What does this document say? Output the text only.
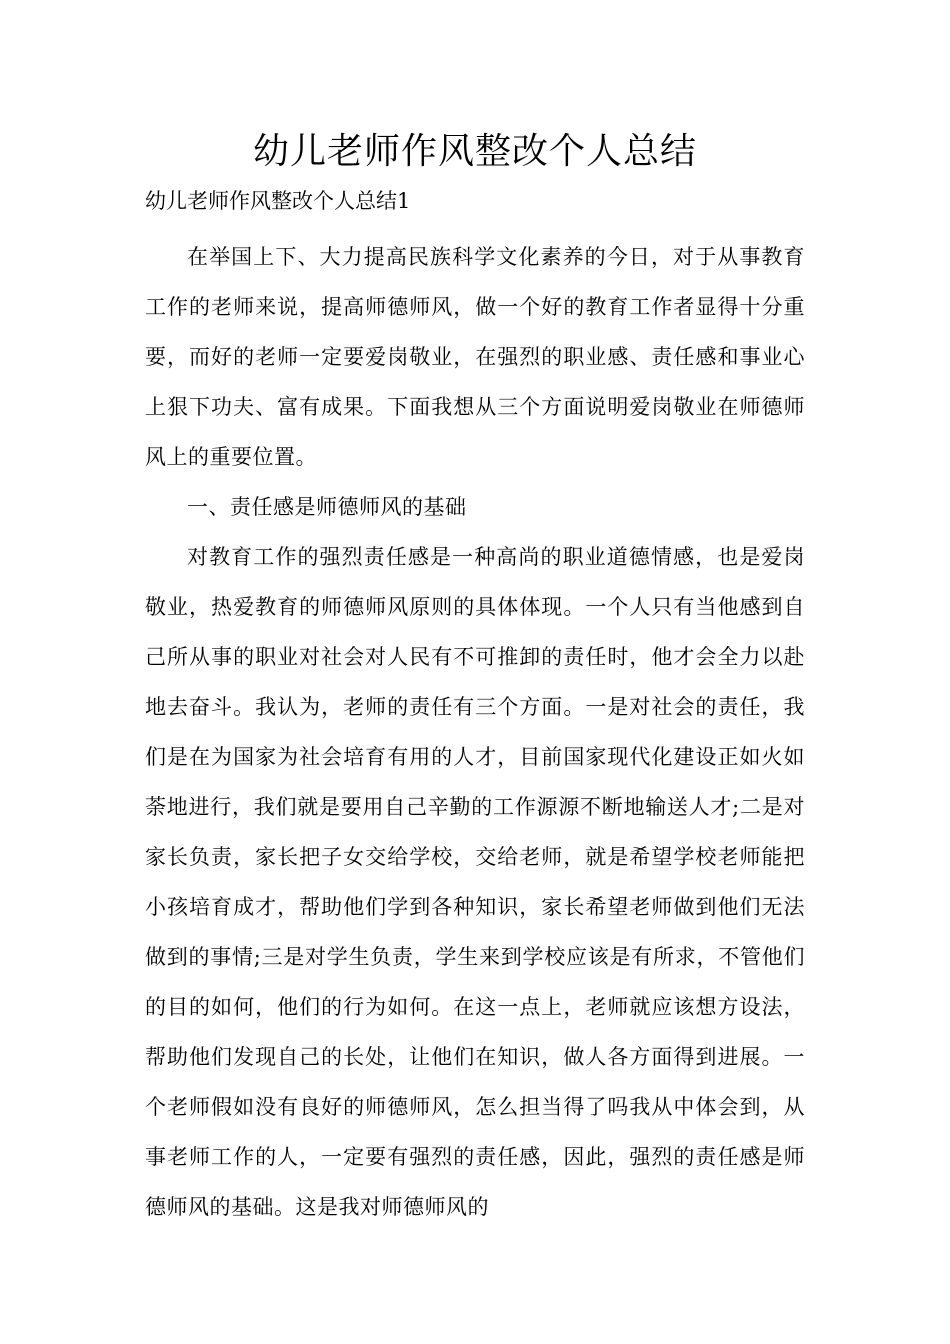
幼儿老师作风整改个人总结

幼儿老师作风整改个人总结1

在举国上下、大力提高民族科学文化素养的今日，对于从事教育工作的老师来说，提高师德师风，做一个好的教育工作者显得十分重要，而好的老师一定要爱岗敬业，在强烈的职业感、责任感和事业心上狠下功夫、富有成果。下面我想从三个方面说明爱岗敬业在师德师风上的重要位置。

一、责任感是师德师风的基础

对教育工作的强烈责任感是一种高尚的职业道德情感，也是爱岗敬业，热爱教育的师德师风原则的具体体现。一个人只有当他感到自己所从事的职业对社会对人民有不可推卸的责任时，他才会全力以赴地去奋斗。我认为，老师的责任有三个方面。一是对社会的责任，我们是在为国家为社会培育有用的人才，目前国家现代化建设正如火如荼地进行，我们就是要用自己辛勤的工作源源不断地输送人才;二是对家长负责，家长把子女交给学校，交给老师，就是希望学校老师能把小孩培育成才，帮助他们学到各种知识，家长希望老师做到他们无法做到的事情;三是对学生负责，学生来到学校应该是有所求，不管他们的目的如何，他们的行为如何。在这一点上，老师就应该想方设法，帮助他们发现自己的长处，让他们在知识，做人各方面得到进展。一个老师假如没有良好的师德师风，怎么担当得了吗我从中体会到，从事老师工作的人，一定要有强烈的责任感，因此，强烈的责任感是师德师风的基础。这是我对师德师风的
